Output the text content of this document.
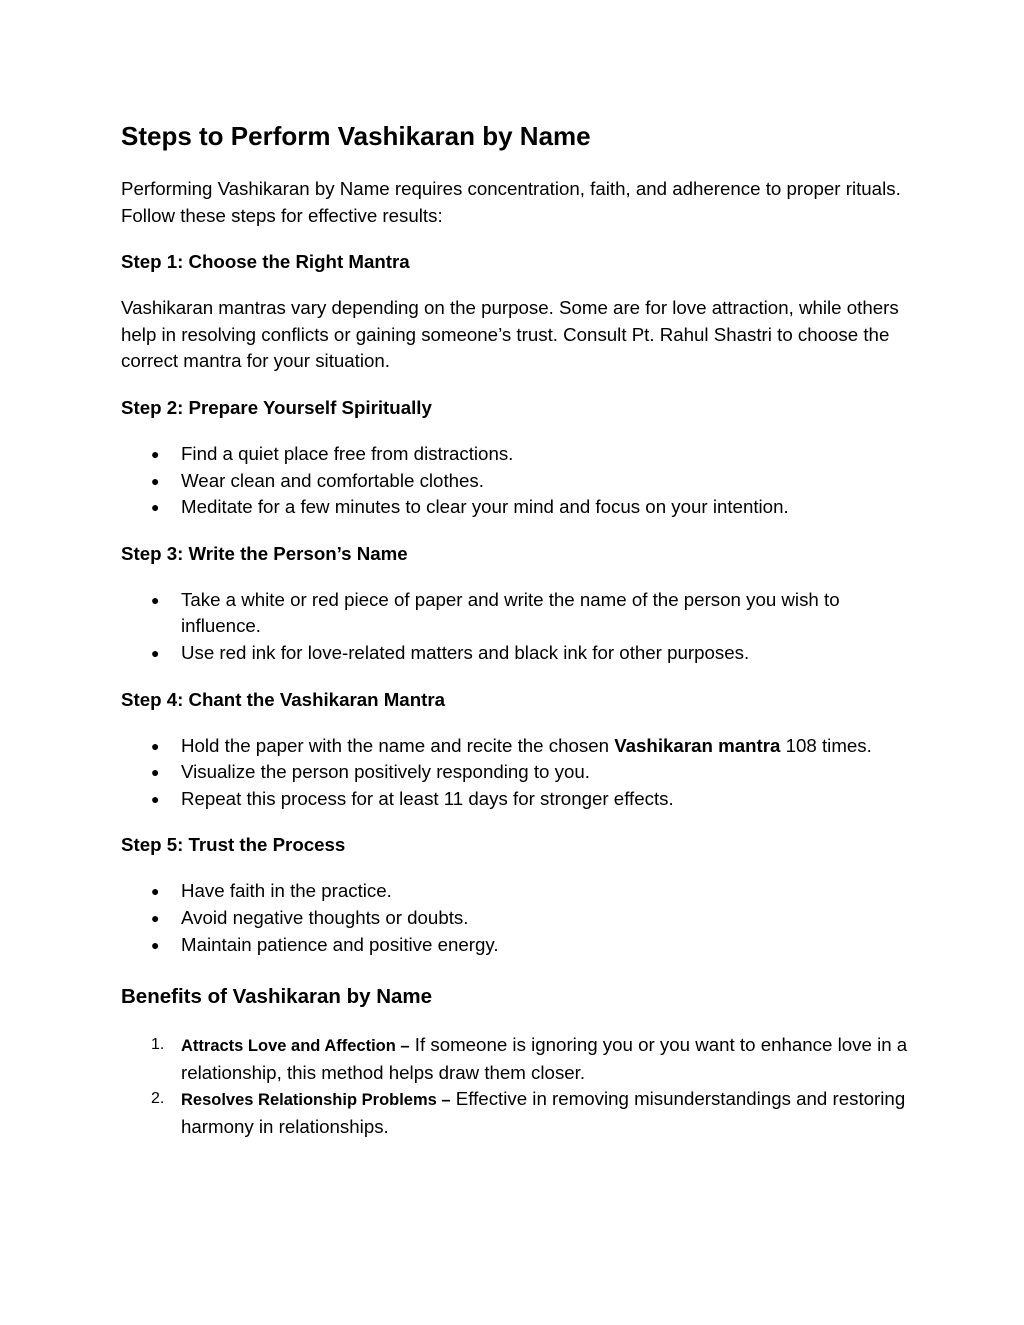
Steps to Perform Vashikaran by Name

Performing Vashikaran by Name requires concentration, faith, and adherence to proper rituals. Follow these steps for effective results:

Step 1: Choose the Right Mantra

Vashikaran mantras vary depending on the purpose. Some are for love attraction, while others help in resolving conflicts or gaining someone’s trust. Consult Pt. Rahul Shastri to choose the correct mantra for your situation.

Step 2: Prepare Yourself Spiritually
● Find a quiet place free from distractions.
● Wear clean and comfortable clothes.
● Meditate for a few minutes to clear your mind and focus on your intention.
Step 3: Write the Person’s Name
● Take a white or red piece of paper and write the name of the person you wish to influence.
● Use red ink for love-related matters and black ink for other purposes.
Step 4: Chant the Vashikaran Mantra
● Hold the paper with the name and recite the chosen Vashikaran mantra 108 times.
● Visualize the person positively responding to you.
● Repeat this process for at least 11 days for stronger effects.
Step 5: Trust the Process
● Have faith in the practice.
● Avoid negative thoughts or doubts.
● Maintain patience and positive energy.
Benefits of Vashikaran by Name
1. Attracts Love and Affection – If someone is ignoring you or you want to enhance love in a relationship, this method helps draw them closer.
2. Resolves Relationship Problems – Effective in removing misunderstandings and restoring harmony in relationships.
